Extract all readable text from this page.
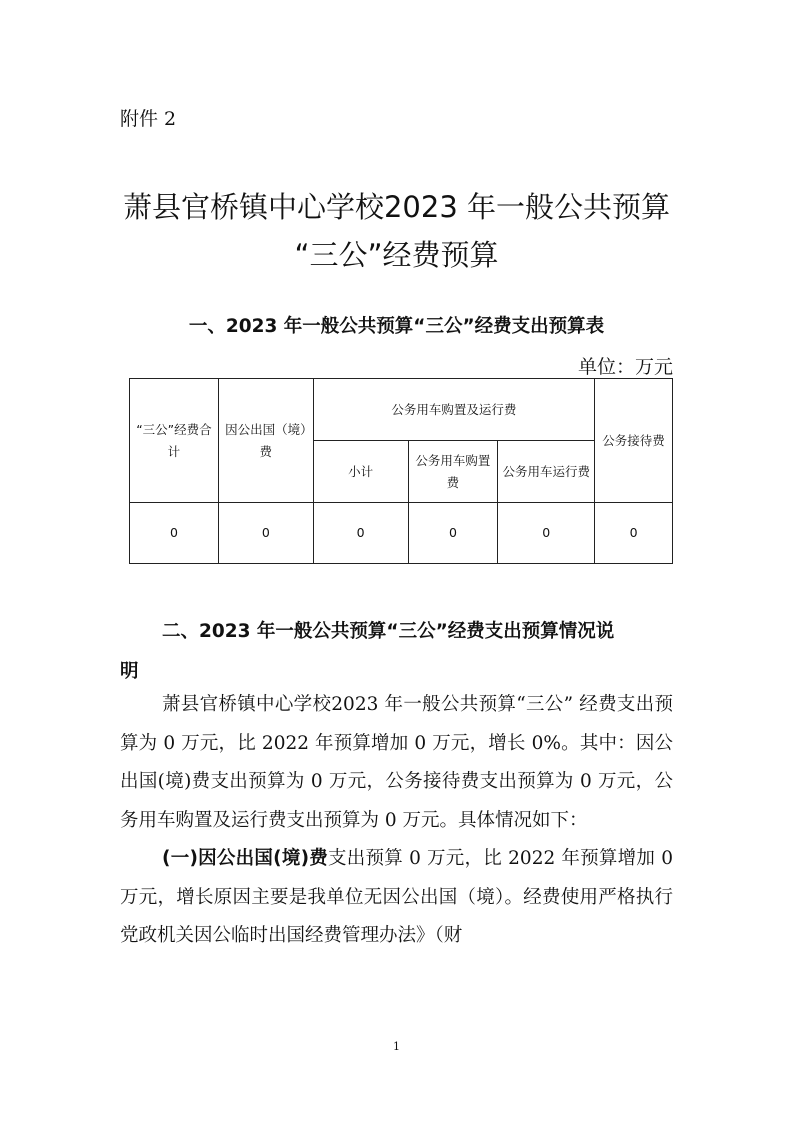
附件 2
萧县官桥镇中心学校2023 年一般公共预算
“三公”经费预算
一、2023 年一般公共预算“三公”经费支出预算表
单位：万元
“三公”经费合计	因公出国（境）费	公务用车购置及运行费			公务接待费
		小计	公务用车购置费	公务用车运行费	
0	0	0	0	0	0
二、2023 年一般公共预算“三公”经费支出预算情况说
明

萧县官桥镇中心学校2023 年一般公共预算“三公” 经费支出预算为 0 万元，比 2022 年预算增加 0 万元，增长 0%。其中：因公出国(境)费支出预算为 0 万元，公务接待费支出预算为 0 万元，公务用车购置及运行费支出预算为 0 万元。具体情况如下：

(一)因公出国(境)费支出预算 0 万元，比 2022 年预算增加 0 万元，增长原因主要是我单位无因公出国（境）。经费使用严格执行党政机关因公临时出国经费管理办法》（财

1
